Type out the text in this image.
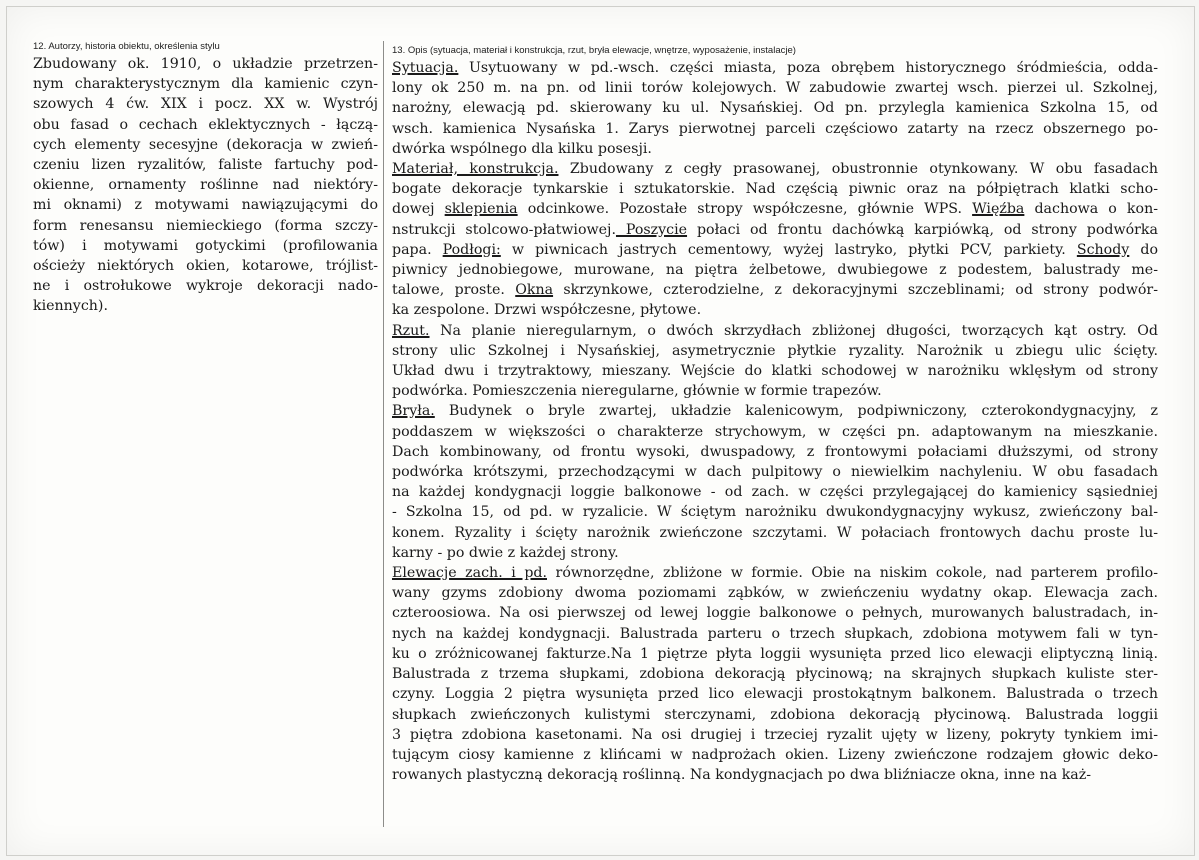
12. Autorzy, historia obiektu, określenia stylu
Zbudowany ok. 1910, o układzie przetrzen-
nym charakterystycznym dla kamienic czyn-
szowych 4 ćw. XIX i pocz. XX w. Wystrój
obu fasad o cechach eklektycznych - łączą-
cych elementy secesyjne (dekoracja w zwień-
czeniu lizen ryzalitów, faliste fartuchy pod-
okienne, ornamenty roślinne nad niektóry-
mi oknami) z motywami nawiązującymi do
form renesansu niemieckiego (forma szczy-
tów) i motywami gotyckimi (profilowania
ościeży niektórych okien, kotarowe, trójlist-
ne i ostrołukowe wykroje dekoracji nado-
kiennych).
13. Opis (sytuacja, materiał i konstrukcja, rzut, bryła elewacje, wnętrze, wyposażenie, instalacje)
Sytuacja. Usytuowany w pd.-wsch. części miasta, poza obrębem historycznego śródmieścia, odda-
lony ok 250 m. na pn. od linii torów kolejowych. W zabudowie zwartej wsch. pierzei ul. Szkolnej,
narożny, elewacją pd. skierowany ku ul. Nysańskiej. Od pn. przylegla kamienica Szkolna 15, od
wsch. kamienica Nysańska 1. Zarys pierwotnej parceli częściowo zatarty na rzecz obszernego po-
dwórka wspólnego dla kilku posesji.
Materiał, konstrukcja. Zbudowany z cegły prasowanej, obustronnie otynkowany. W obu fasadach
bogate dekoracje tynkarskie i sztukatorskie. Nad częścią piwnic oraz na półpiętrach klatki scho-
dowej sklepienia odcinkowe. Pozostałe stropy współczesne, głównie WPS. Więźba dachowa o kon-
nstrukcji stolcowo-płatwiowej. Poszycie połaci od frontu dachówką karpiówką, od strony podwórka
papa. Podłogi: w piwnicach jastrych cementowy, wyżej lastryko, płytki PCV, parkiety. Schody do
piwnicy jednobiegowe, murowane, na piętra żelbetowe, dwubiegowe z podestem, balustrady me-
talowe, proste. Okna skrzynkowe, czterodzielne, z dekoracyjnymi szczeblinami; od strony podwór-
ka zespolone. Drzwi współczesne, płytowe.
Rzut. Na planie nieregularnym, o dwóch skrzydłach zbliżonej długości, tworzących kąt ostry. Od
strony ulic Szkolnej i Nysańskiej, asymetrycznie płytkie ryzality. Narożnik u zbiegu ulic ścięty.
Układ dwu i trzytraktowy, mieszany. Wejście do klatki schodowej w narożniku wklęsłym od strony
podwórka. Pomieszczenia nieregularne, głównie w formie trapezów.
Bryła. Budynek o bryle zwartej, układzie kalenicowym, podpiwniczony, czterokondygnacyjny, z
poddaszem w większości o charakterze strychowym, w części pn. adaptowanym na mieszkanie.
Dach kombinowany, od frontu wysoki, dwuspadowy, z frontowymi połaciami dłuższymi, od strony
podwórka krótszymi, przechodzącymi w dach pulpitowy o niewielkim nachyleniu. W obu fasadach
na każdej kondygnacji loggie balkonowe - od zach. w części przylegającej do kamienicy sąsiedniej
- Szkolna 15, od pd. w ryzalicie. W ściętym narożniku dwukondygnacyjny wykusz, zwieńczony bal-
konem. Ryzality i ścięty narożnik zwieńczone szczytami. W połaciach frontowych dachu proste lu-
karny - po dwie z każdej strony.
Elewacje zach. i pd. równorzędne, zbliżone w formie. Obie na niskim cokole, nad parterem profilo-
wany gzyms zdobiony dwoma poziomami ząbków, w zwieńczeniu wydatny okap. Elewacja zach.
czteroosiowa. Na osi pierwszej od lewej loggie balkonowe o pełnych, murowanych balustradach, in-
nych na każdej kondygnacji. Balustrada parteru o trzech słupkach, zdobiona motywem fali w tyn-
ku o zróżnicowanej fakturze.Na 1 piętrze płyta loggii wysunięta przed lico elewacji eliptyczną linią.
Balustrada z trzema słupkami, zdobiona dekoracją płycinową; na skrajnych słupkach kuliste ster-
czyny. Loggia 2 piętra wysunięta przed lico elewacji prostokątnym balkonem. Balustrada o trzech
słupkach zwieńczonych kulistymi sterczynami, zdobiona dekoracją płycinową. Balustrada loggii
3 piętra zdobiona kasetonami. Na osi drugiej i trzeciej ryzalit ujęty w lizeny, pokryty tynkiem imi-
tującym ciosy kamienne z klińcami w nadprożach okien. Lizeny zwieńczone rodzajem głowic deko-
rowanych plastyczną dekoracją roślinną. Na kondygnacjach po dwa bliźniacze okna, inne na każ-
